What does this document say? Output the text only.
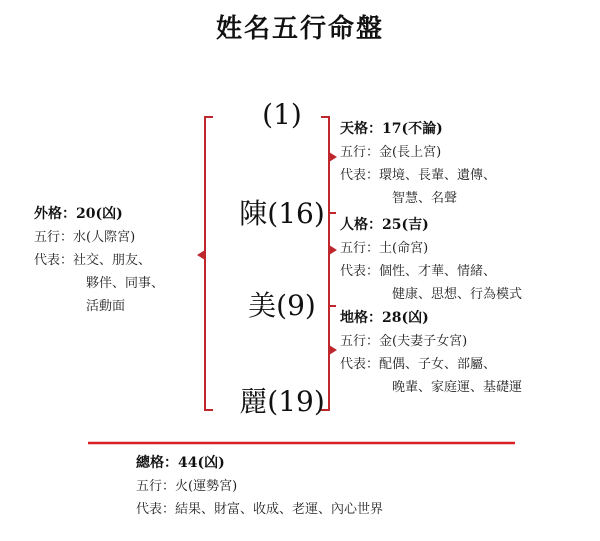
姓名五行命盤
(1)
陳(16)
美(9)
麗(19)
外格：20(凶)
五行：水(人際宮)
代表：社交、朋友、
夥伴、同事、
活動面
天格：17(不論)
五行：金(長上宮)
代表：環境、長輩、遺傳、
智慧、名聲
人格：25(吉)
五行：土(命宮)
代表：個性、才華、情緒、
健康、思想、行為模式
地格：28(凶)
五行：金(夫妻子女宮)
代表：配偶、子女、部屬、
晚輩、家庭運、基礎運
總格：44(凶)
五行：火(運勢宮)
代表：結果、財富、收成、老運、內心世界
